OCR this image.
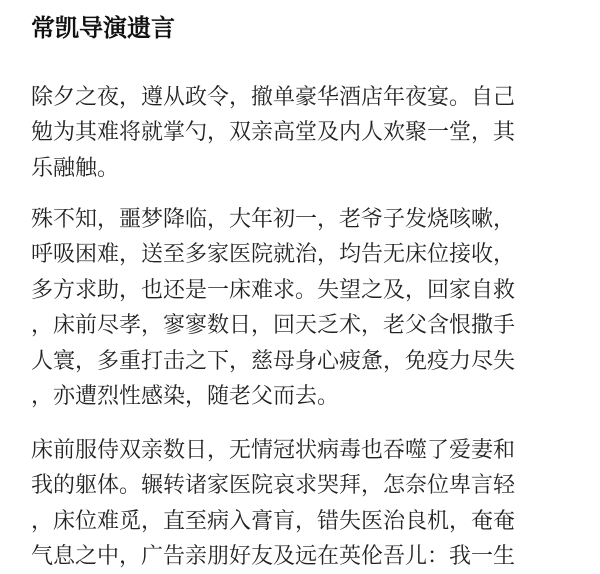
常凯导演遗言
除夕之夜，遵从政令，撤单豪华酒店年夜宴。自己
勉为其难将就掌勺，双亲高堂及内人欢聚一堂，其
乐融触。
殊不知，噩梦降临，大年初一，老爷子发烧咳嗽，
呼吸困难，送至多家医院就治，均告无床位接收，
多方求助，也还是一床难求。失望之及，回家自救
，床前尽孝，寥寥数日，回天乏术，老父含恨撒手
人寰，多重打击之下，慈母身心疲惫，免疫力尽失
，亦遭烈性感染，随老父而去。
床前服侍双亲数日，无情冠状病毒也吞噬了爱妻和
我的躯体。辗转诸家医院哀求哭拜，怎奈位卑言轻
，床位难觅，直至病入膏肓，错失医治良机，奄奄
气息之中，广告亲朋好友及远在英伦吾儿：我一生
